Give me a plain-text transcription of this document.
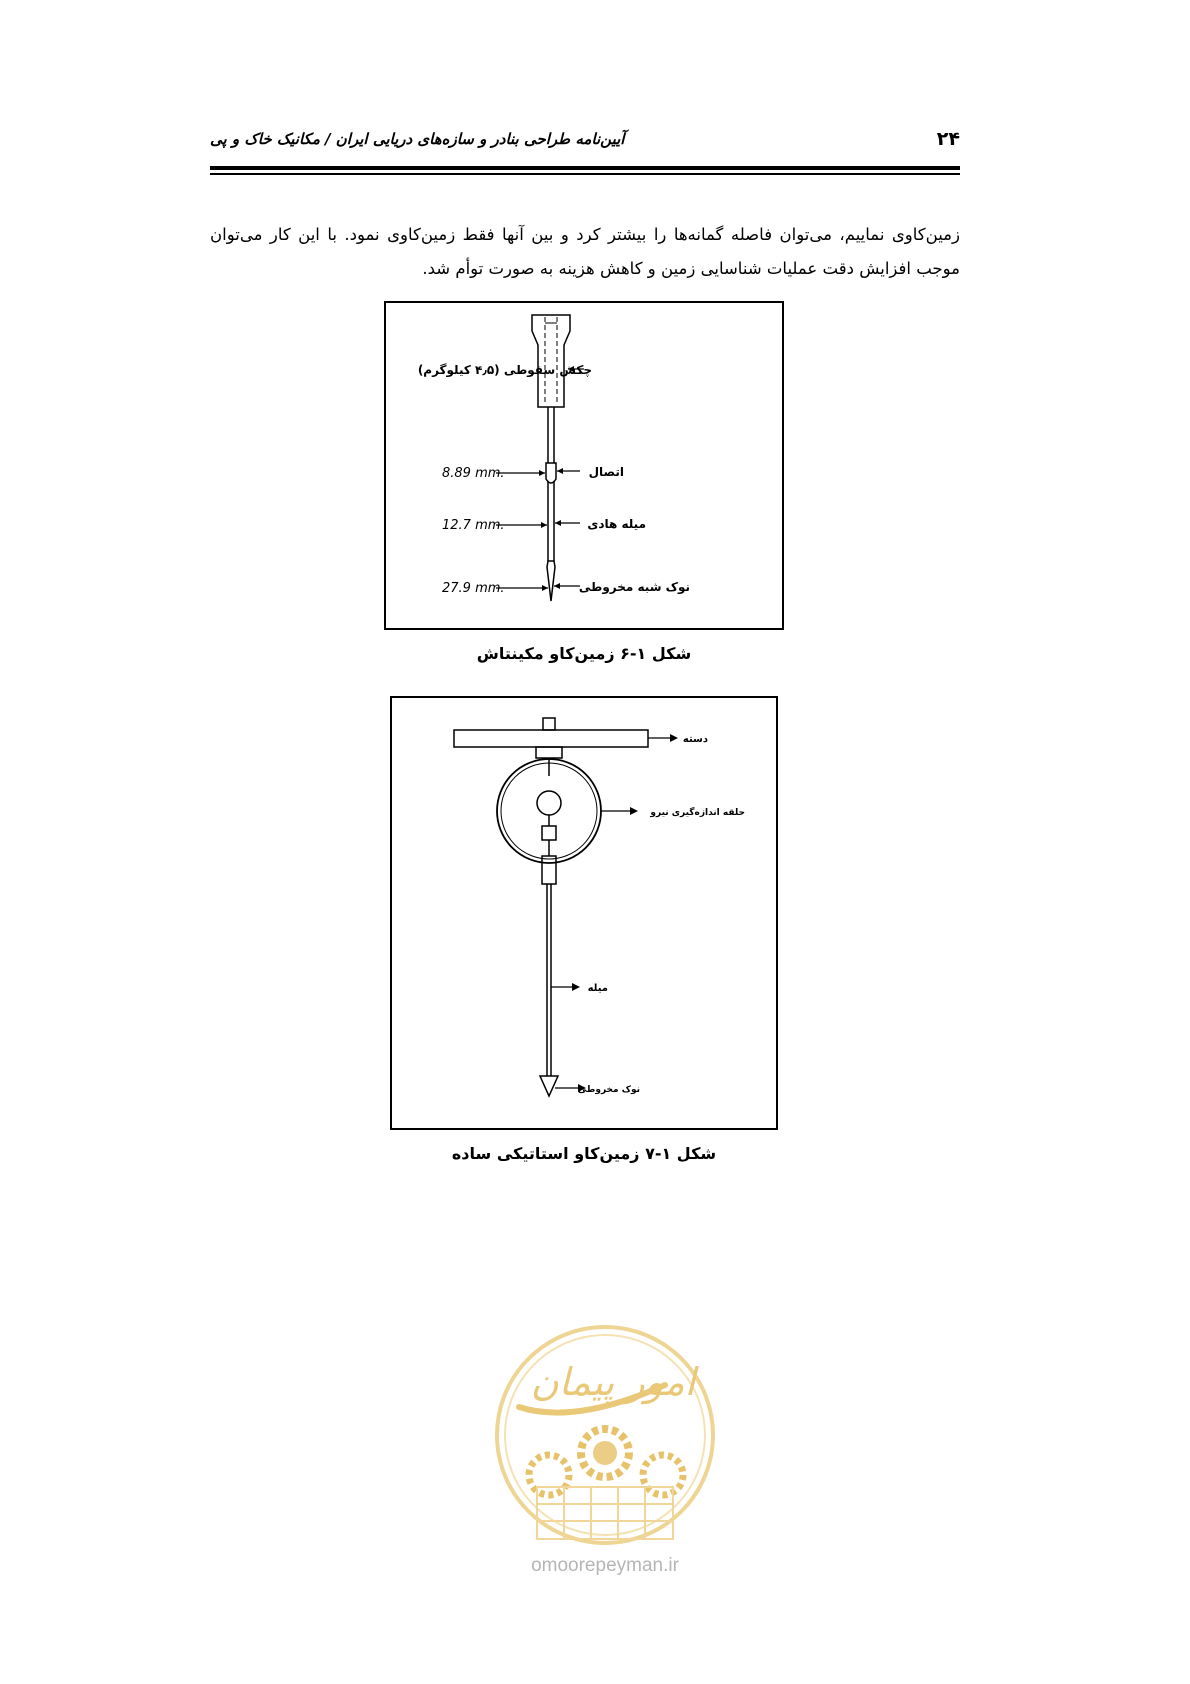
۲۴
آیین‌نامه طراحی بنادر و سازه‌های دریایی ایران / مکانیک خاک و پی
زمین‌کاوی نماییم، می‌توان فاصله گمانه‌ها را بیشتر کرد و بین آنها فقط زمین‌کاوی نمود. با این کار می‌توان موجب افزایش دقت عملیات شناسایی زمین و کاهش هزینه به صورت توأم شد.
چکش سقوطی (۴٫۵ کیلوگرم)
اتصال
میله هادی
نوک شبه مخروطی
8.89 mm.
12.7 mm.
27.9 mm.
شکل ۱-۶ زمین‌کاو مکینتاش
دسته
حلقه اندازه‌گیری نیرو
میله
نوک مخروطی
شکل ۱-۷ زمین‌کاو استاتیکی ساده
امور پیمان
omoorepeyman.ir
